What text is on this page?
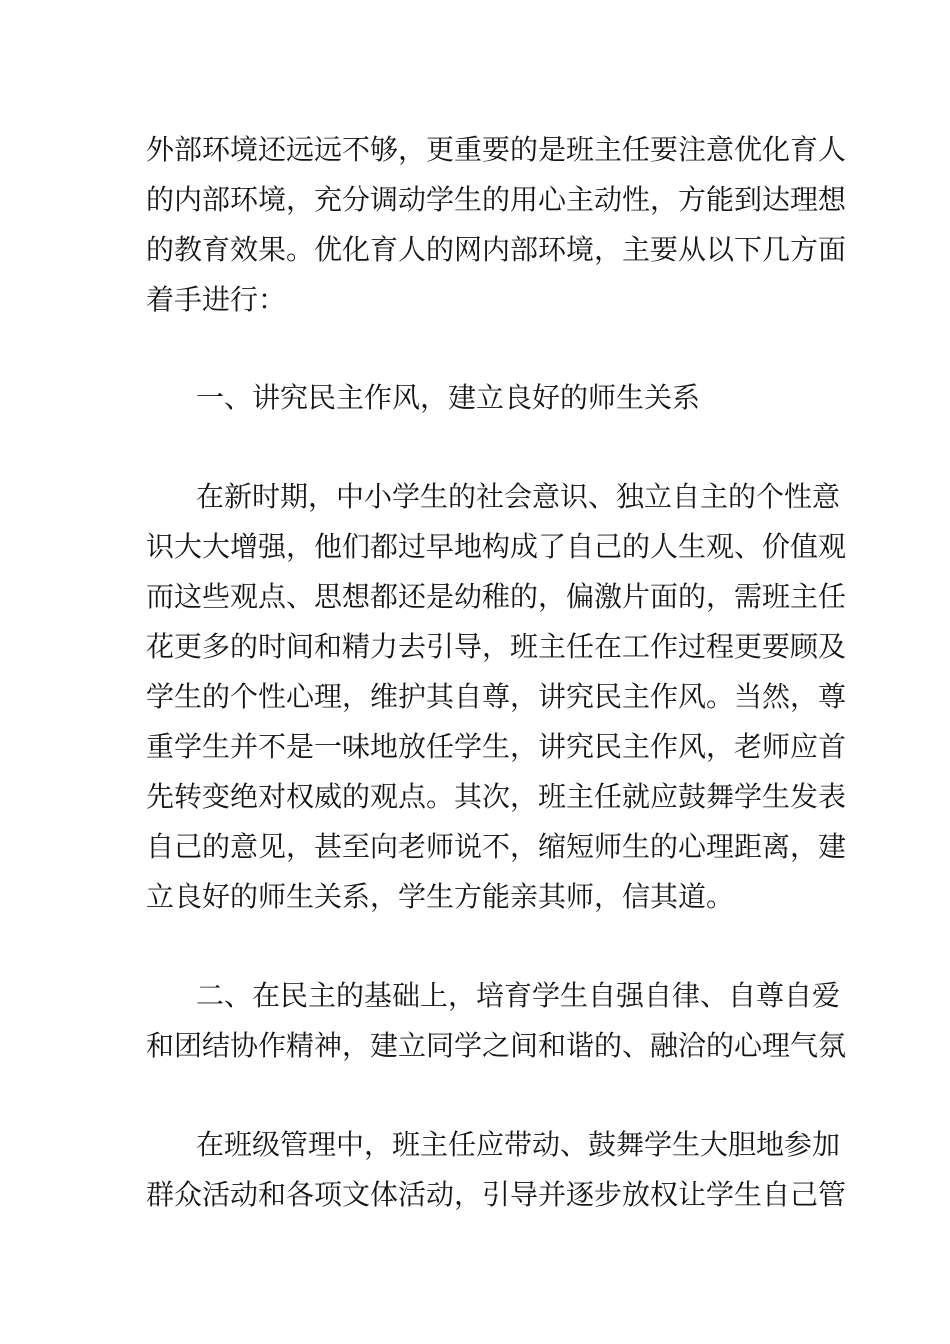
外部环境还远远不够，更重要的是班主任要注意优化育人
的内部环境，充分调动学生的用心主动性，方能到达理想
的教育效果。优化育人的网内部环境，主要从以下几方面
着手进行：
一、讲究民主作风，建立良好的师生关系
在新时期，中小学生的社会意识、独立自主的个性意
识大大增强，他们都过早地构成了自己的人生观、价值观
而这些观点、思想都还是幼稚的，偏激片面的，需班主任
花更多的时间和精力去引导，班主任在工作过程更要顾及
学生的个性心理，维护其自尊，讲究民主作风。当然，尊
重学生并不是一味地放任学生，讲究民主作风，老师应首
先转变绝对权威的观点。其次，班主任就应鼓舞学生发表
自己的意见，甚至向老师说不，缩短师生的心理距离，建
立良好的师生关系，学生方能亲其师，信其道。
二、在民主的基础上，培育学生自强自律、自尊自爱
和团结协作精神，建立同学之间和谐的、融洽的心理气氛
在班级管理中，班主任应带动、鼓舞学生大胆地参加
群众活动和各项文体活动，引导并逐步放权让学生自己管
